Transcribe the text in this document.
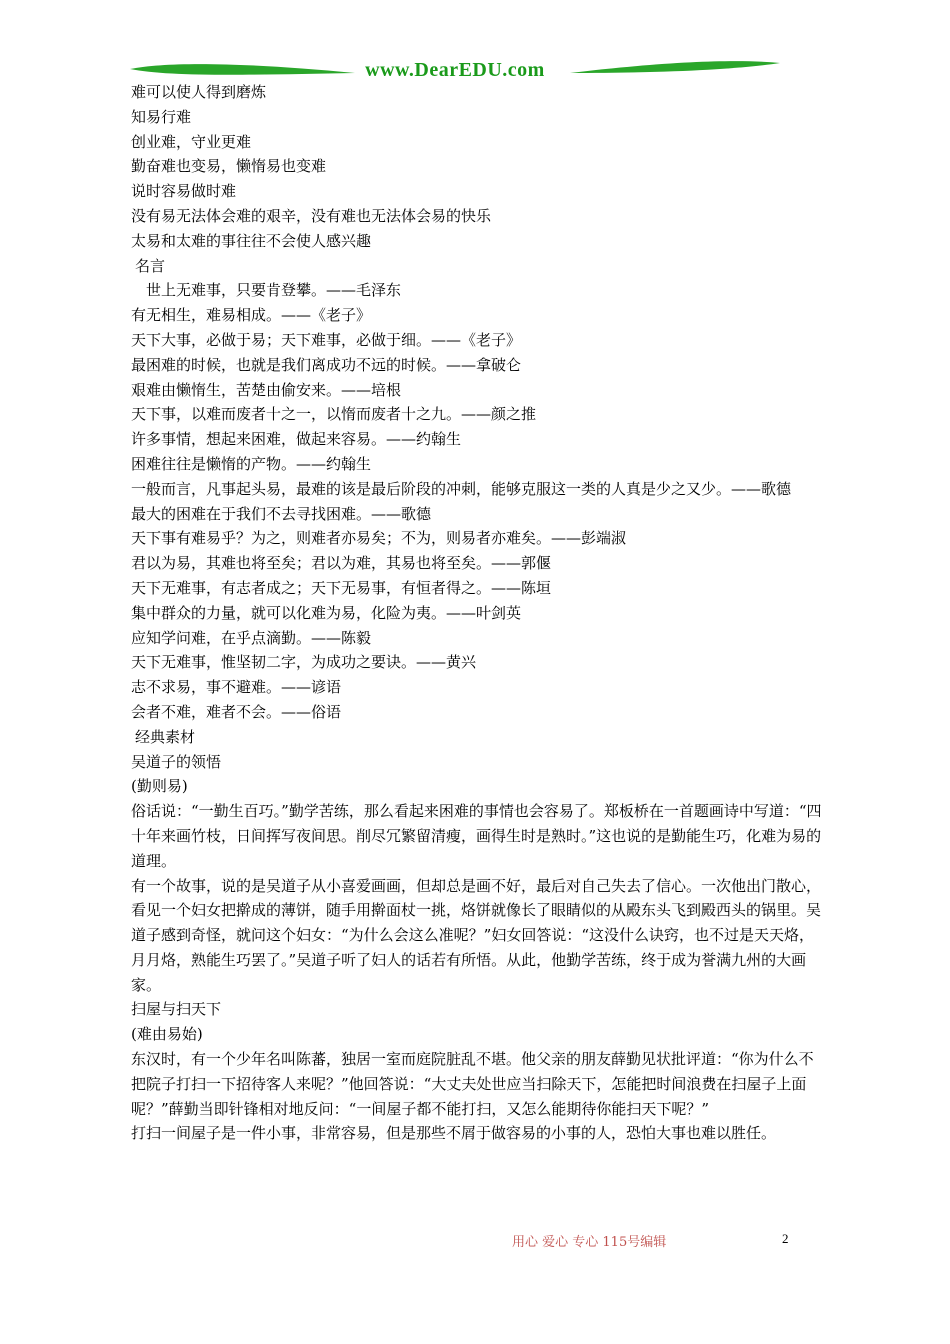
www.DearEDU.com

难可以使人得到磨炼

知易行难

创业难，守业更难

勤奋难也变易，懒惰易也变难

说时容易做时难

没有易无法体会难的艰辛，没有难也无法体会易的快乐

太易和太难的事往往不会使人感兴趣

名言

世上无难事，只要肯登攀。——毛泽东

有无相生，难易相成。——《老子》

天下大事，必做于易；天下难事，必做于细。——《老子》

最困难的时候，也就是我们离成功不远的时候。——拿破仑

艰难由懒惰生，苦楚由偷安来。——培根

天下事，以难而废者十之一，以惰而废者十之九。——颜之推

许多事情，想起来困难，做起来容易。——约翰生

困难往往是懒惰的产物。——约翰生

一般而言，凡事起头易，最难的该是最后阶段的冲刺，能够克服这一类的人真是少之又少。——歌德

最大的困难在于我们不去寻找困难。——歌德

天下事有难易乎？为之，则难者亦易矣；不为，则易者亦难矣。——彭端淑

君以为易，其难也将至矣；君以为难，其易也将至矣。——郭偃

天下无难事，有志者成之；天下无易事，有恒者得之。——陈垣

集中群众的力量，就可以化难为易，化险为夷。——叶剑英

应知学问难，在乎点滴勤。——陈毅

天下无难事，惟坚韧二字，为成功之要诀。——黄兴

志不求易，事不避难。——谚语

会者不难，难者不会。——俗语

经典素材

吴道子的领悟

(勤则易)

俗话说：“一勤生百巧。”勤学苦练，那么看起来困难的事情也会容易了。郑板桥在一首题画诗中写道：“四十年来画竹枝，日间挥写夜间思。削尽冗繁留清瘦，画得生时是熟时。”这也说的是勤能生巧，化难为易的道理。

有一个故事，说的是吴道子从小喜爱画画，但却总是画不好，最后对自己失去了信心。一次他出门散心，看见一个妇女把擀成的薄饼，随手用擀面杖一挑，烙饼就像长了眼睛似的从殿东头飞到殿西头的锅里。吴道子感到奇怪，就问这个妇女：“为什么会这么准呢？”妇女回答说：“这没什么诀窍，也不过是天天烙，月月烙，熟能生巧罢了。”吴道子听了妇人的话若有所悟。从此，他勤学苦练，终于成为誉满九州的大画家。

扫屋与扫天下

(难由易始)

东汉时，有一个少年名叫陈蕃，独居一室而庭院脏乱不堪。他父亲的朋友薛勤见状批评道：“你为什么不把院子打扫一下招待客人来呢？”他回答说：“大丈夫处世应当扫除天下，怎能把时间浪费在扫屋子上面呢？”薛勤当即针锋相对地反问：“一间屋子都不能打扫，又怎么能期待你能扫天下呢？”

打扫一间屋子是一件小事，非常容易，但是那些不屑于做容易的小事的人，恐怕大事也难以胜任。

用心 爱心 专心 115号编辑	2
